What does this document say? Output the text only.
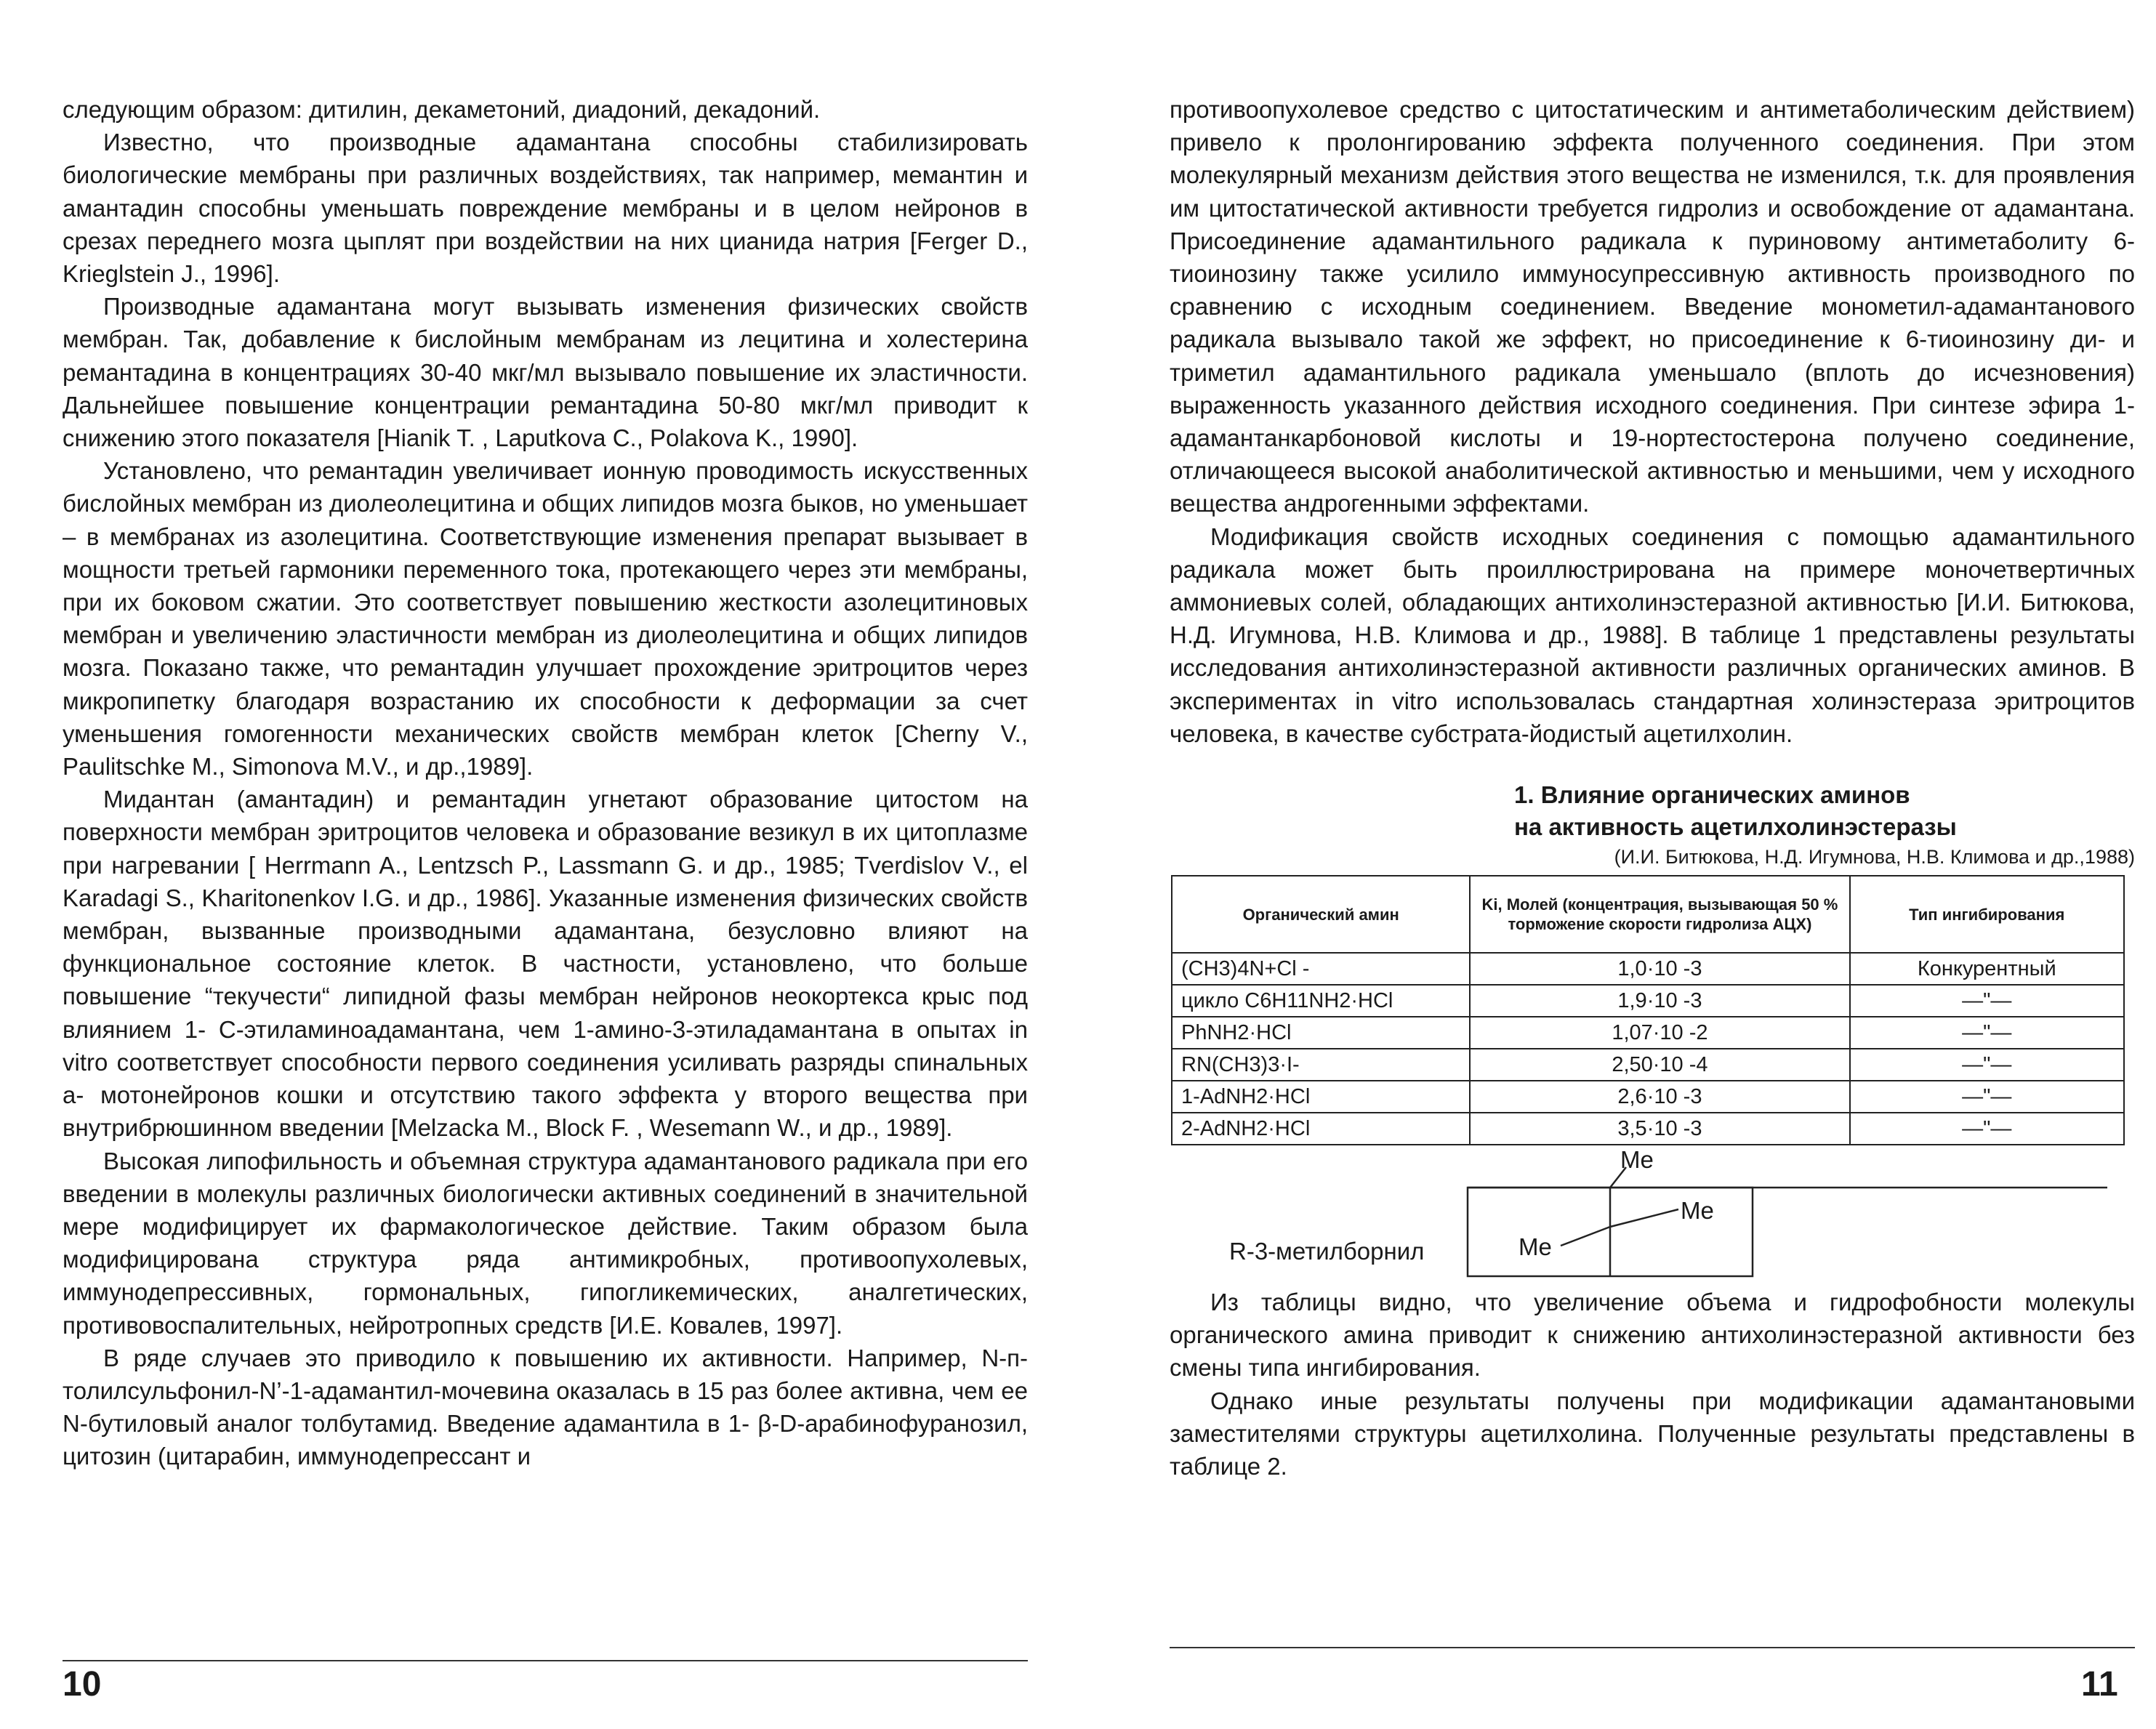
следующим образом: дитилин, декаметоний, диадоний, декадоний.

Известно, что производные адамантана способны стабилизировать биологические мембраны при различных воздействиях, так например, мемантин и амантадин способны уменьшать повреждение мембраны и в целом нейронов в срезах переднего мозга цыплят при воздействии на них цианида натрия [Ferger D., Krieglstein J., 1996].

Производные адамантана могут вызывать изменения физических свойств мембран. Так, добавление к бислойным мембранам из лецитина и холестерина ремантадина в концентрациях 30-40 мкг/мл вызывало повышение их эластичности. Дальнейшее повышение концентрации ремантадина 50-80 мкг/мл приводит к снижению этого показателя [Hianik T. , Laputkova C., Polakova K., 1990].

Установлено, что ремантадин увеличивает ионную проводимость искусственных бислойных мембран из диолеолецитина и общих липидов мозга быков, но уменьшает – в мембранах из азолецитина. Соответствующие изменения препарат вызывает в мощности третьей гармоники переменного тока, протекающего через эти мембраны, при их боковом сжатии. Это соответствует повышению жесткости азолецитиновых мембран и увеличению эластичности мембран из диолеолецитина и общих липидов мозга. Показано также, что ремантадин улучшает прохождение эритроцитов через микропипетку благодаря возрастанию их способности к деформации за счет уменьшения гомогенности механических свойств мембран клеток [Cherny V., Paulitschke M., Simonova M.V., и др.,1989].

Мидантан (амантадин) и ремантадин угнетают образование цитостом на поверхности мембран эритроцитов человека и образование везикул в их цитоплазме при нагревании [ Herrmann A., Lentzsch P., Lassmann G. и др., 1985; Tverdislov V., el Karadagi S., Kharitonenkov I.G. и др., 1986]. Указанные изменения физических свойств мембран, вызванные производными адамантана, безусловно влияют на функциональное состояние клеток. В частности, установлено, что больше повышение “текучести“ липидной фазы мембран нейронов неокортекса крыс под влиянием 1- С-этиламиноадамантана, чем 1-амино-3-этиладамантана в опытах in vitro соответствует способности первого соединения усиливать разряды спинальных а- мотонейронов кошки и отсутствию такого эффекта у второго вещества при внутрибрюшинном введении [Melzacka M., Block F. , Wesemann W., и др., 1989].

Высокая липофильность и объемная структура адамантанового радикала при его введении в молекулы различных биологически активных соединений в значительной мере модифицирует их фармакологическое действие. Таким образом была модифицирована структура ряда антимикробных, противоопухолевых, иммунодепрессивных, гормональных, гипогликемических, аналгетических, противовоспалительных, нейротропных средств [И.Е. Ковалев, 1997].

В ряде случаев это приводило к повышению их активности. Например, N-п-толилсульфонил-N’-1-адамантил-мочевина оказалась в 15 раз более активна, чем ее N-бутиловый аналог толбутамид. Введение адамантила в 1- β-D-арабинофуранозил, цитозин (цитарабин, иммунодепрессант и

10

противоопухолевое средство с цитостатическим и антиметаболическим действием) привело к пролонгированию эффекта полученного соединения. При этом молекулярный механизм действия этого вещества не изменился, т.к. для проявления им цитостатической активности требуется гидролиз и освобождение от адамантана. Присоединение адамантильного радикала к пуриновому антиметаболиту 6-тиоинозину также усилило иммуносупрессивную активность производного по сравнению с исходным соединением. Введение монометил-адамантанового радикала вызывало такой же эффект, но присоединение к 6-тиоинозину ди- и триметил адамантильного радикала уменьшало (вплоть до исчезновения) выраженность указанного действия исходного соединения. При синтезе эфира 1-адамантанкарбоновой кислоты и 19-нортестостерона получено соединение, отличающееся высокой анаболитической активностью и меньшими, чем у исходного вещества андрогенными эффектами.

Модификация свойств исходных соединения с помощью адамантильного радикала может быть проиллюстрирована на примере моночетвертичных аммониевых солей, обладающих антихолинэстеразной активностью [И.И. Битюкова, Н.Д. Игумнова, Н.В. Климова и др., 1988]. В таблице 1 представлены результаты исследования антихолинэстеразной активности различных органических аминов. В экспериментах in vitro использовалась стандартная холинэстераза эритроцитов человека, в качестве субстрата-йодистый ацетилхолин.

1. Влияние органических аминов
на активность ацетилхолинэстеразы
(И.И. Битюкова, Н.Д. Игумнова, Н.В. Климова и др.,1988)
Органический амин	Ki, Молей (концентрация, вызывающая 50 % торможение скорости гидролиза АЦХ)	Тип ингибирования
(CH3)4N+Cl -	1,0·10 -3	Конкурентный
цикло C6H11NH2·HCl	1,9·10 -3	—"—
PhNH2·HCl	1,07·10 -2	—"—
RN(CH3)3·I-	2,50·10 -4	—"—
1-AdNH2·HCl	2,6·10 -3	—"—
2-AdNH2·HCl	3,5·10 -3	—"—
R-3-метилборнил
Me
Me
Me

Из таблицы видно, что увеличение объема и гидрофобности молекулы органического амина приводит к снижению антихолинэстеразной активности без смены типа ингибирования.

Однако иные результаты получены при модификации адамантановыми заместителями структуры ацетилхолина. Полученные результаты представлены в таблице 2.

11
